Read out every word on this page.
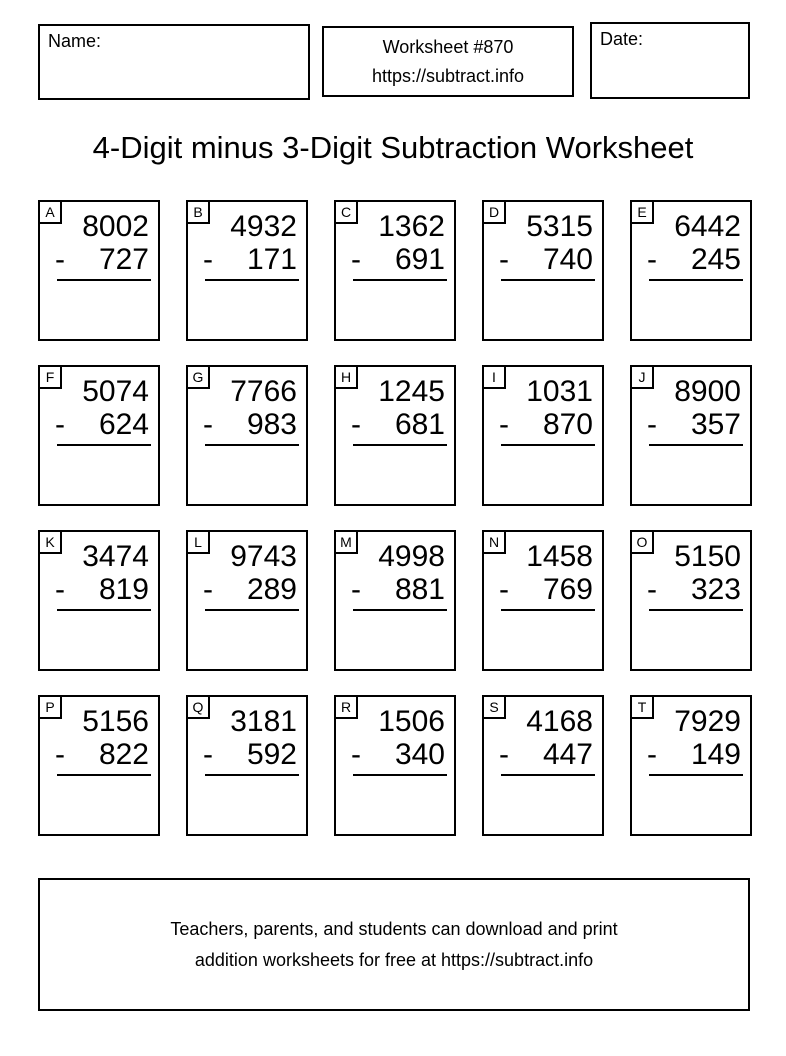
Name:	Worksheet #870
https://subtract.info
Date:
4-Digit minus 3-Digit Subtraction Worksheet
A 8002
- 727
B 4932
- 171
C 1362
- 691
D 5315
- 740
E 6442
- 245
F 5074
- 624
G 7766
- 983
H 1245
- 681
I	1031
- 870
J 8900
- 357
K 3474
- 819
L 9743
- 289
M 4998
- 881
N 1458
- 769
O 5150
- 323
P 5156
- 822
Q 3181
- 592
R 1506
- 340
S 4168
- 447
T 7929
- 149

Teachers, parents, and students can download and print

addition worksheets for free at https://subtract.info
